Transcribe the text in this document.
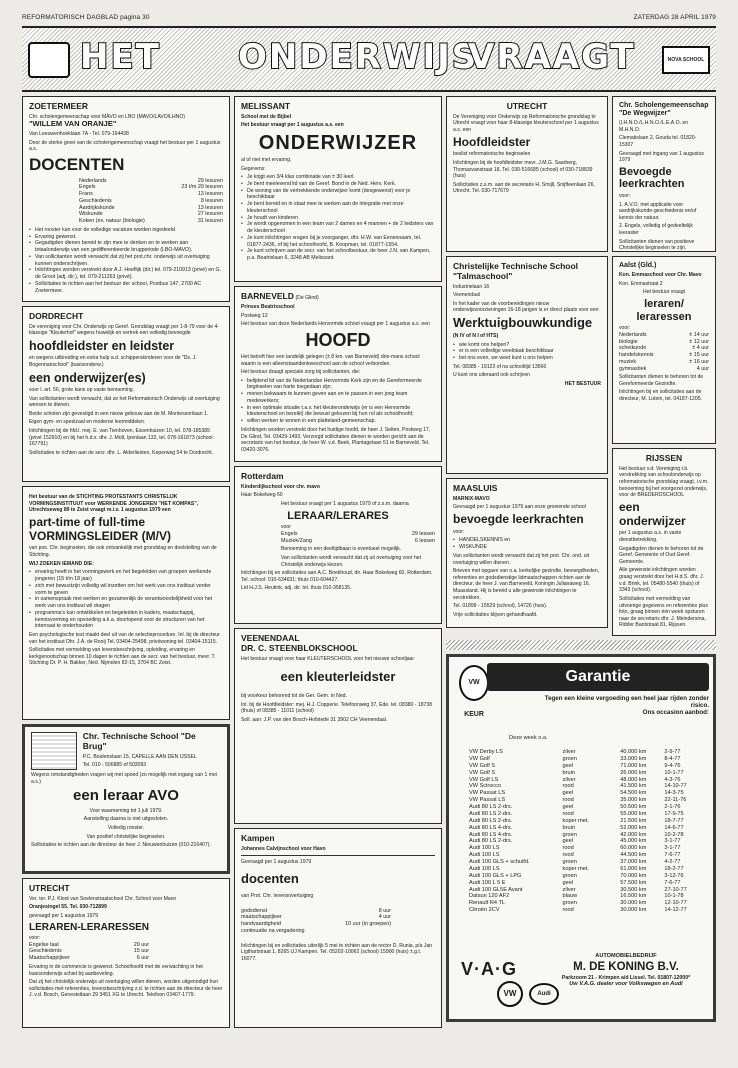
REFORMATORISCH DAGBLAD pagina 30	ZATERDAG 28 APRIL 1979
HET ONDERWIJS
VRAAGT	NOVA SCHOOL
ZOETERMEER
Chr. scholengemeenschap voor MAVO en LBO (MAVO/LAVO/LHNO)
"WILLEM VAN ORANJE"
Van Leeuwenhoeklaan 7A - Tel. 079-164438
Door de sterke groei van de scholengemeenschap vraagt het bestuur per 1 augustus a.s.
DOCENTEN
Nederlands	29 lesuren
Engels	23 t/m 29 lesuren
Frans	13 lesuren
Geschiedenis	8 lesuren
Aardrijkskunde	13 lesuren
Wiskunde	27 lesuren
Koken (ev. natuur (biologie)	31 lesuren
• Het rooster kan voor de volledige vacature worden ingedeeld
• Ervaring gewenst.
• Gegadigden dienen bereid te zijn mee te denken en te werken aan totaalonderwijs van een gedifferentieerde brugperiode (LBO-MAVO).
• Van sollicitanten wordt verwacht dat zij het prot.chr. onderwijs uit overtuiging kunnen onderschrijven.
• Inlichtingen worden verstrekt door A.J. Hoeflijk (dir.) tel. 079-210913 (privé) en G. de Groot (adj. dir.), tel. 079-211263 (privé).
• Sollicitaties te richten aan het bestuur der school, Postbus 147, 2700 AC Zoetermeer.
DORDRECHT
De vereniging voor Chr. Onderwijs op Geref. Grondslag vraagt per 1-8-79 voor de 4-klassige "Kleuterhof" wegens huwelijk en vertrek een volledig bevoegde
hoofdleidster en leidster
en wegens uitbreiding en extra hulp a.d. schipperskinderen voor de "Ds. J. Bogermanschool" (basisonderw.)
een onderwijzer(es)
voor l. art. 56, grote kans op vaste benoeming.
Van sollicitanten wordt verwacht, dat ze het Reformatorisch Onderwijs uit overtuiging wensen te dienen.
Beide scholen zijn gevestigd in een nieuw gebouw aan de M. Montessorilaan 1.
Eigen gym- en speelzaal en moderne leermiddelen.
Inlichtingen bij de hfd.l. mej. E. van Tienhoven, Essenhuizen 10, tel. 078-185385 (privé 152910) en bij het h.d.s. dhr. J. Molt, Ipenlaan 132, tel. 078-161873 (school 167791)
Sollicitaties te richten aan de secr. dhr. L. Alderliesten, Keperweg 54 te Dordrecht.
Het bestuur van de STICHTING PROTESTANTS CHRISTELIJK VORMINGSINSTITUUT voor WERKENDE JONGEREN "HET KOMPAS", Utrechtseweg 89 te Zeist vraagt m.i.v. 1 augustus 1979 een
part-time of full-time VORMINGSLEIDER (M/V)
van pos. Chr. beginselen, die ook ontvankelijk met grondslag en doelstelling van de Stichting.
WIJ ZOEKEN IEMAND DIE:
• ervaring heeft in het vormingswerk en het begeleiden van groepen werkende jongeren (15 t/m 18 jaar)
• zich met bewustzijn volledig wil inzetten om het werk van ons instituut verder vorm te geven
• in samenspraak met werken en gezamenlijk de verantwoordelijkheid voor het werk van ons instituut wil dragen
• programma's kan ontwikkelen en begeleiden in kaders, maatschappij, kennisvorming en opvoeding a.k.a. doorlopend voor de structuren van het internaat te onderhouden
Een psychologische test maakt deel uit van de selectieprocedure. Inl. bij de directeur van het instituut Dhr. J.A. de Rooij Tel. 03404-25498, privéwoning tel. 03404-15115.
Sollicitaties met vermelding van levensbeschrijving, opleiding, ervaring en kerkgenootschap binnen 10 dagen te richten aan de secr. van het bestuur, mevr. T. Stichting Dr. P. H. Bakker, Ned. Nijmolen 82-15, 3704 BC Zeist.
Chr. Technische School "De Brug"
P.C. Boutenslaan 15, CAPELLE AAN DEN IJSSEL
Tel. 010 - 506885 of 503093
Wegens omstandigheden vragen wij met spoed (zo mogelijk met ingang van 1 mei a.s.)
een leraar AVO
Voor waarneming tot 1 juli 1979.
Aanstelling daarna is niet uitgesloten.
Volledig rooster.
Van positief christelijke beginselen.
Sollicitaties te richten aan de directeur de heer J. Nieuwenhuizen (010-216407).
UTRECHT
Ver. ter. P.J. Kloot van Soelenstraatschool Chr. School voor Mavo
Oranjesingel 55. Tel. 030-712899
gevraagd per 1 augustus 1979
LERAREN-LERARESSEN
voor:
Engelse taal	29 uur
Geschiedenis	15 uur
Maatschappijleer	6 uur
Ervaring in de commercie is gewenst. Schoolhoofd met de verwachting in het basisonderwijs schiet bij aanbeveling.
Dat zij het christelijk onderwijs uit overtuiging willen dienen, worden uitgenodigd hun sollicitaties met referenties, levensbeschrijving z.d. te richten aan de directeur de heer J. v.d. Bosch, Genestetlaan 29 3451 XG te Utrecht. Telefoon 03407-1779.
MELISSANT
School met de Bijbel
Het bestuur vraagt per 1 augustus a.s. een
ONDERWIJZER
al of niet met ervaring.
Gegevens:
• Je krijgt een 3/4 klas combinatie van ± 30 leerl.
• Je bent meelevend lid van de Geref. Bond in de Ned. Herv. Kerk.
• De woning van de vertrekkende onderwijzer komt (desgewenst) voor je beschikbaar
• Je bent bereid en in staat mee te werken aan de integratie met onze kleuterschool
• Je houdt van kinderen
• Je wordt opgenomen in een team van 2 dames en 4 mannen + de 2 leidsters van de kleuterschool
• Je kunt inlichtingen vragen bij je voorganger, dhr. H.W. van Eenennaam, tel. 01877-2436, of bij het schoolhoofd, B. Koopman, tel. 01877-1554.
• Je kunt schrijven aan de secr. van het schoolbestuur, de heer J.N. van Kampen, p.a. Beatrixlaan 6, 3248 AB Melissant.
BARNEVELD (De Glind)
Prinses Beatrixschool
Postweg 13
Het bestuur van deze Nederlands Hervormde school vraagt per 1 augustus a.s. een
HOOFD
Het betreft hier een landelijk gelegen (± 8 km. van Barneveld) drie-mans school waarin is een alleenstaandenkweschool aan de school verbonden.
Het bestuur draagt speciale zorg bij sollicitanten, die:
• belijdend lid van de Nederlandse Hervormde Kerk zijn en de Gereformeerde beginselen van harte toegedaan zijn;
• menen bekwaam te kunnen geven aan en te passen in een jong team medewerkers;
• in een optimale situatie t.a.v. het kleuteronderwijs (er is een Hervormde kleuterschool en bereikt) die bewust gekozen bij hun rol als schoolhoofd;
• willen werken te wonen in een platteland-gemeenschap.
Inlichtingen worden verstrekt door het huidige hoofd, de heer J. Selten, Postweg 17, De Glind, Tel. 03429-1493. Verzorgd sollicitaties dienen te worden gericht aan de secretaris van het bestuur, de heer W. v.d. Beek, Plantagelaan 51 te Barneveld. Tel. 03420-3076.
Rotterdam
Kinderdijkschool voor chr. mavo
Haar Bokelweg 60
Het bestuur vraagt per 1 augustus 1979 of z.s.m. daarna
LERAAR/LERARES
voor
Engels	29 lessen
Muziek/Zang	6 lessen
Benoeming in een deeltijdbaan is eventueel mogelijk.
Van sollicitanten wordt verwacht dat zij uit overtuiging voor het Christelijk onderwijs kiezen.
Inlichtingen bij en sollicitaties aan A.C. Boekhoud, dir. Haar Bokelweg 60, Rotterdam. Tel. school: 010-634631; thuis 010-604427.
Lid H.J.S. Heutink, adj. dir. tel. thuis 010-358135.
VEENENDAAL
DR. C. STEENBLOKSCHOOL
Het bestuur vraagt voor haar KLEUTERSCHOOL voor het nieuwe schooljaar
een kleuterleidster
bij voorkeur behorend tot de Ger. Gem. in Ned.
Inl. bij de Hoofdleidster: mej. H.J. Copperie. Telefoonweg 37, Ede. tel. 08380 - 18738 (thuis) of 08385 - 11011 (school)
Soll. aan: J.P. van den Bosch-Hofstede 31 3902 CH Veenendaal.
Kampen
Johannes Calvijnschool voor Havo
Gevraagd per 1 augustus 1979
docenten
van Prot. Chr. levensovertuiging
godsdienst	8 uur
maatschappijleer	4 uur
handvaardigheid	10 uur (in groepen)
continuatie na vergadering
Inlichtingen bij en sollicitaties uiterlijk 5 mei te richten aan de rector D. Runia, p/a Jan Ligthartstraat 1, 8265 UJ Kampen. Tel. 05202-10062 (school) 15900 (huis) ±.g.t. 16077.
UTRECHT
De Vereniging voor Onderwijs op Reformatorische grondslag te Utrecht vraagt voor haar 8-klassige kleuterschool per 1 augustus a.s. een
Hoofdleidster
beslist reformatorische beginselen
Inlichtingen bij de hoofdleidster mevr. J.M.G. Saarberg, Thomasvanstraat 18, Tel. 030-516685 (school) of 030-718839 (huis)
Sollicitaties z.s.m. aan de secretaris H. Smijll, Snijfteenlaan 26, Utrecht. Tel. 030-717679
Christelijke Technische School "Talmaschool"
Industrielaan 16
Veenendaal
In het kader van de voorbereidingen nieuw onderwijsvoorzieningen 16-18 jarigen is er direct plaats voor een
Werktuigbouwkundige
(N IV of N I of HTS)
• wie komt ons helpen?
• er is een volledige weektaak beschikbaar
• bel ons even, we weet kunt u ons helpen
Tel. 08385 - 19123 of na schooltijd 13566
U kunt ons uiteraard ook schrijven
HET BESTUUR
MAASLUIS
MARNIX-MAVO
Gevraagd per 1 augustus 1979 aan onze groeiende school
bevoegde leerkrachten
voor:
• HANDELSKENNIS en
• WISKUNDE
Van sollicitanten wordt verwacht dat zij het prot. Chr. ond. uit overtuiging willen dienen.
Brieven met opgave van o.a. kerkelijke gezindte, bevoegdheden, referenties en godsdienstige lidmaatschappen richten aan de directeur, de heer J. van Barneveld, Koningin Julianaweg 16, Maassland. Hij is bereid u alle gewenste inlichtingen te verstrekken.
Tel. 01899 - 15529 (school), 14726 (huis).
Vrije sollicitaties blijven gehandhaafd.
Chr. Scholengemeenschap "De Wegwijzer"
(I.H.N.O./L.H.N.O./L.E.A.O. en M.H.N.O.
Clematislaan 2, Gouda tel. 01820-15307
Gevraagd met ingang van 1 augustus 1979
Bevoegde leerkrachten
voor:
1. A.V.O. met applicatie voor aardrijkskunde-geschiedenis en/of kennis der natuur.
2. Engels, volledig of gedeeltelijk leeraster
Sollicitanten dienen van positieve Christelijke beginselen te zijn.
Aalst (Gld.)
Kon. Emmaschool voor Chr. Mavo
Kon. Emmastraat 2
Het bestuur vraagt
leraren/ leraressen
voor:
Nederlands	± 14 uur
biologie	± 12 uur
scheikunde	± 4 uur
handelskennis	± 15 uur
muziek	± 16 uur
gymnastiek	4 uur
Sollicitanten dienen te behoren tot de Gereformeerde Gezindte.
Inlichtingen bij en sollicitaties aan de directeur, M. Lutein, tel. 04187-1205.
RIJSSEN
Het bestuur v.d. Vereniging t.b. verstrekking van schoolonderwijs op reformatorische grondslag vraagt, i.v.m. benoeming bij het voorgezet onderwijs, voor de BREDEROSCHOOL
een onderwijzer
per 1 augustus a.s. in vaste dienstbetrekking.
Gegadigden dienen te behoren tot de Geref. Gemeente of Oud Geref. Gemeente.
Alle gewenste inlichtingen worden graag verstrekt door het H.d.S. dhr. J. v.d. Brink, tel. 05480-5540 (thuis) of 3343 (school).
Sollicitaties met vermelding van uitvoerige gegevens en referenties plus foto, graag binnen één week opsturen naar de secretaris dhr. J. Meindersma, Ridder Bantstraat 81, Rijssen.
VW KEUR
Garantie
Tegen een kleine vergoeding een heel jaar rijden zonder risico.
Ons occasion aanbod:
Deze week o.a.
VW Derby LS	zilver	40.000 km	2-9-77
VW Golf	groen	33.000 km	8-4-77
VW Golf S	geel	71.000 km	9-4-76
VW Golf S	bruin	26.000 km	10-1-77
VW Golf LS	zilver	48.000 km	4-3-76
VW Scirocco	rood	41.500 km	14-10-77
VW Passat LS	geel	54.500 km	14-3-75
VW Passat LS	rood	35.000 km	22-11-76
Audi 80 LS 2-drs.	geel	50.500 km	2-1-76
Audi 80 LS 2-drs.	rood	55.000 km	17-9-75
Audi 80 LS 2-drs.	koper met.	21.500 km	18-7-77
Audi 80 LS 4-drs.	bruin	52.000 km	14-6-77
Audi 80 LS 4-drs.	groen	42.000 km	10-2-78
Audi 80 LS 2-drs.	geel	45.000 km	3-1-77
Audi 100 LS	rood	60.000 km	3-1-77
Audi 100 LS	rood	44.500 km	7-6-77
Audi 100 GLS + schuifd.	groen	37.000 km	4-2-77
Audi 100 LS	koper met.	61.000 km	18-2-77
Audi 100 GLS + LPG	groen	70.000 km	3-12-76
Audi 100 L 5 E	geel	57.500 km	7-6-77
Audi 100 GL5E Avant	zilver	30.500 km	27-10-77
Datsun 120 AF2	blauw	16.500 km	10-1-78
Renault R4 TL	groen	30.000 km	12-10-77
Citroën 2CV	rood	30.000 km	14-12-77
V·A·G
VW	Audi
AUTOMOBIELBEDRIJF
M. DE KONING B.V.
Parkzoom 21 - Krimpen a/d Lissel. Tel. 01807-12000*
Uw V.A.G. dealer voor Volkswagen en Audi
